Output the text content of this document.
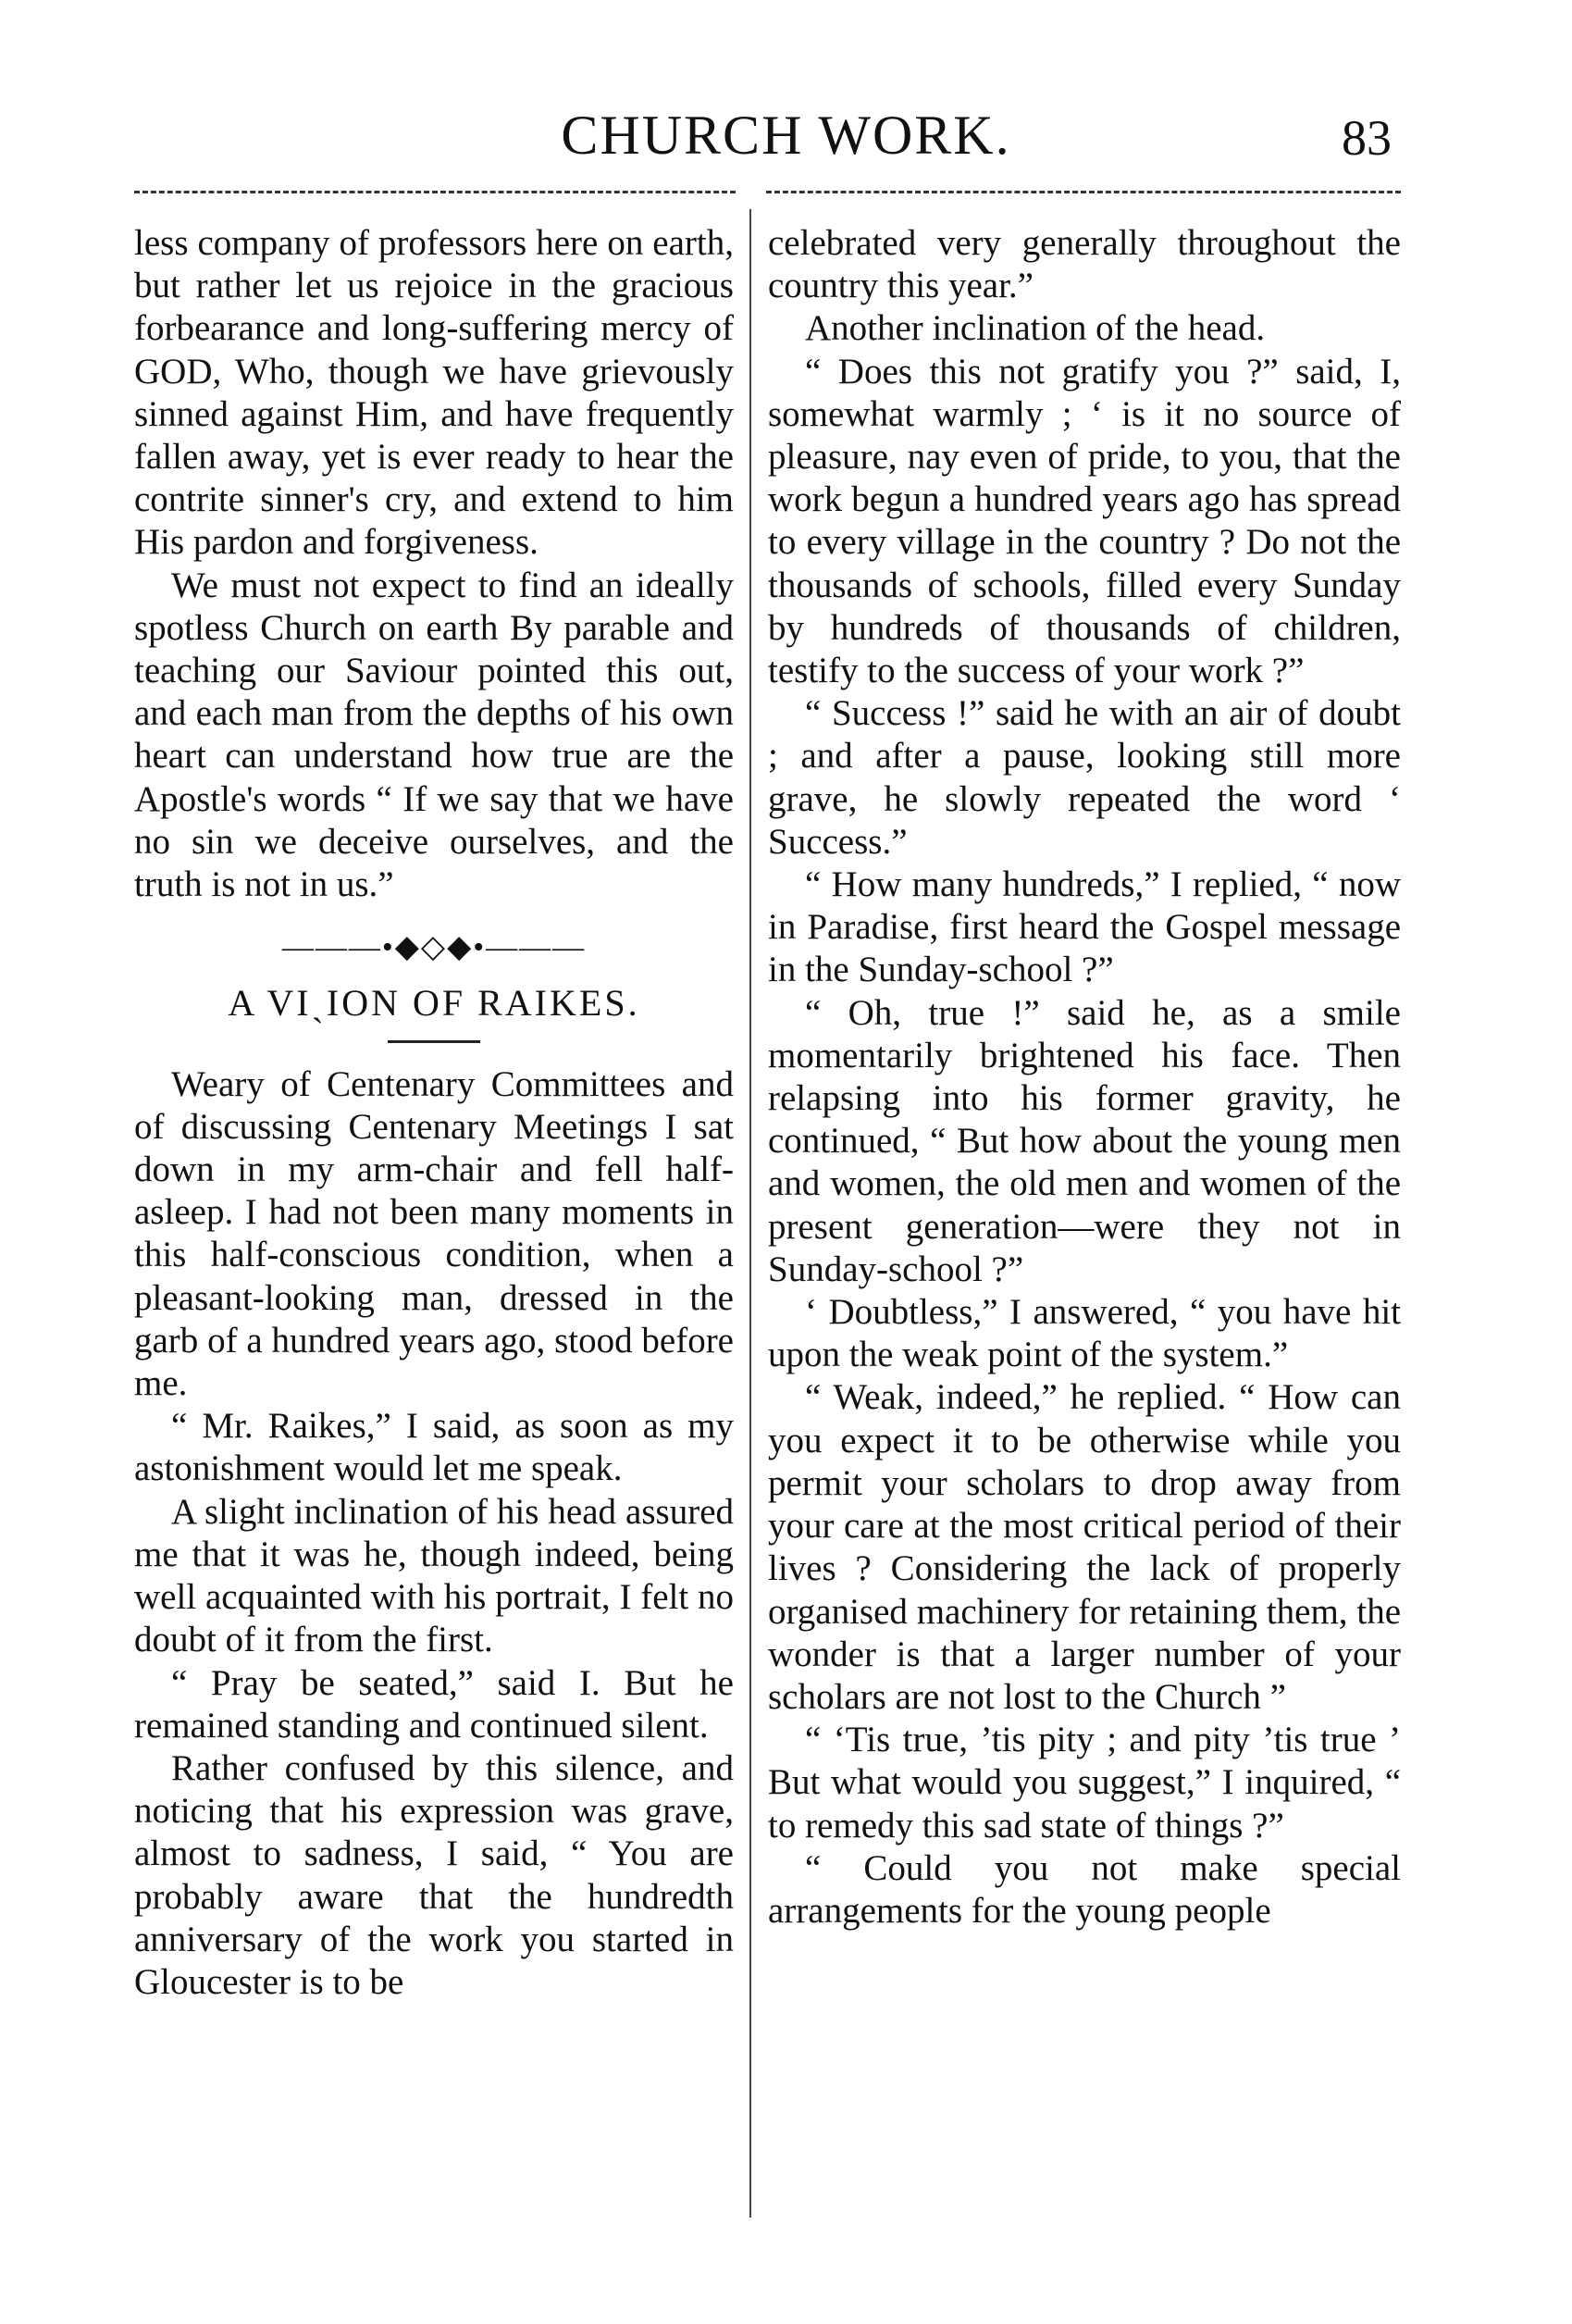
CHURCH WORK.	83

less company of professors here on earth, but rather let us rejoice in the gracious forbearance and long-suffering mercy of GOD, Who, though we have grievously sinned against Him, and have frequently fallen away, yet is ever ready to hear the contrite sinner's cry, and extend to him His pardon and forgiveness.

We must not expect to find an ideally spotless Church on earth By parable and teaching our Saviour pointed this out, and each man from the depths of his own heart can understand how true are the Apostle's words “ If we say that we have no sin we deceive ourselves, and the truth is not in us.”

———•◆◇◆•———
A VIˎION OF RAIKES.

Weary of Centenary Committees and of discussing Centenary Meetings I sat down in my arm-chair and fell half-asleep. I had not been many moments in this half-conscious condition, when a pleasant-looking man, dressed in the garb of a hundred years ago, stood before me.

“ Mr. Raikes,” I said, as soon as my astonishment would let me speak.

A slight inclination of his head assured me that it was he, though indeed, being well acquainted with his portrait, I felt no doubt of it from the first.

“ Pray be seated,” said I. But he remained standing and continued silent.

Rather confused by this silence, and noticing that his expression was grave, almost to sadness, I said, “ You are probably aware that the hundredth anniversary of the work you started in Gloucester is to be

celebrated very generally throughout the country this year.”

Another inclination of the head.

“ Does this not gratify you ?” said, I, somewhat warmly ; ‘ is it no source of pleasure, nay even of pride, to you, that the work begun a hundred years ago has spread to every village in the country ? Do not the thousands of schools, filled every Sunday by hundreds of thousands of children, testify to the success of your work ?”

“ Success !” said he with an air of doubt ; and after a pause, looking still more grave, he slowly repeated the word ‘ Success.”

“ How many hundreds,” I replied, “ now in Paradise, first heard the Gospel message in the Sunday-school ?”

“ Oh, true !” said he, as a smile momentarily brightened his face. Then relapsing into his former gravity, he continued, “ But how about the young men and women, the old men and women of the present generation—were they not in Sunday-school ?”

‘ Doubtless,” I answered, “ you have hit upon the weak point of the system.”

“ Weak, indeed,” he replied. “ How can you expect it to be otherwise while you permit your scholars to drop away from your care at the most critical period of their lives ? Considering the lack of properly organised machinery for retaining them, the wonder is that a larger number of your scholars are not lost to the Church ”

“ ‘Tis true, ’tis pity ; and pity ’tis true ’ But what would you suggest,” I inquired, “ to remedy this sad state of things ?”

“ Could you not make special arrangements for the young people
